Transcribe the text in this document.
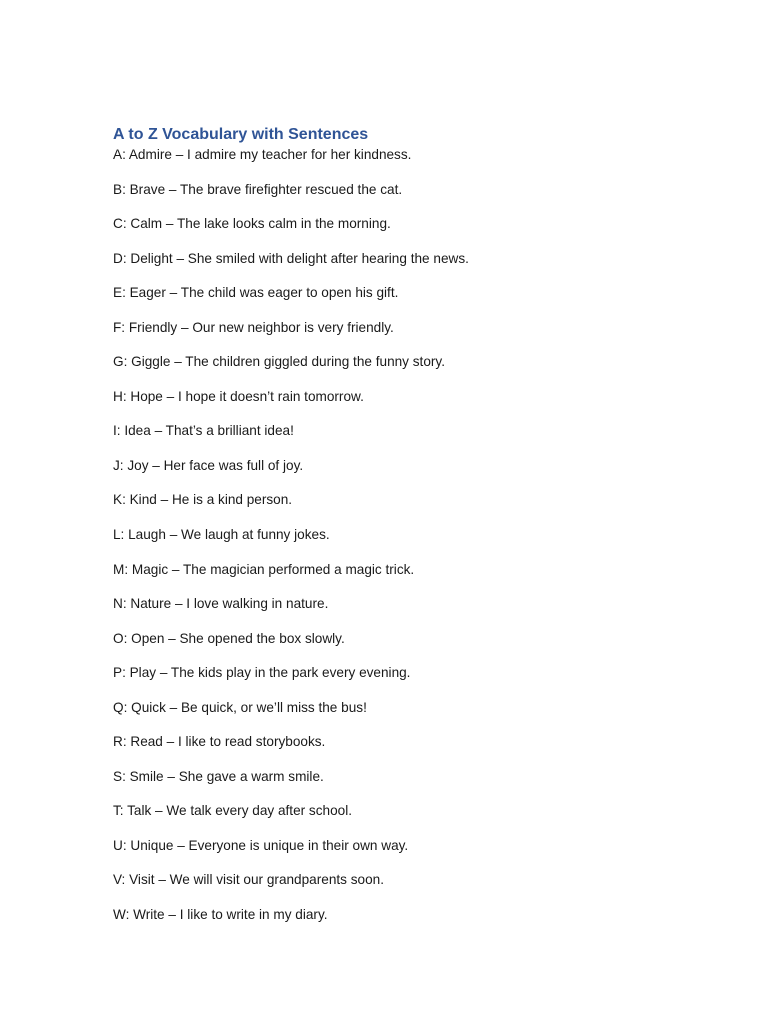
A to Z Vocabulary with Sentences
A: Admire – I admire my teacher for her kindness.
B: Brave – The brave firefighter rescued the cat.
C: Calm – The lake looks calm in the morning.
D: Delight – She smiled with delight after hearing the news.
E: Eager – The child was eager to open his gift.
F: Friendly – Our new neighbor is very friendly.
G: Giggle – The children giggled during the funny story.
H: Hope – I hope it doesn’t rain tomorrow.
I: Idea – That’s a brilliant idea!
J: Joy – Her face was full of joy.
K: Kind – He is a kind person.
L: Laugh – We laugh at funny jokes.
M: Magic – The magician performed a magic trick.
N: Nature – I love walking in nature.
O: Open – She opened the box slowly.
P: Play – The kids play in the park every evening.
Q: Quick – Be quick, or we’ll miss the bus!
R: Read – I like to read storybooks.
S: Smile – She gave a warm smile.
T: Talk – We talk every day after school.
U: Unique – Everyone is unique in their own way.
V: Visit – We will visit our grandparents soon.
W: Write – I like to write in my diary.
